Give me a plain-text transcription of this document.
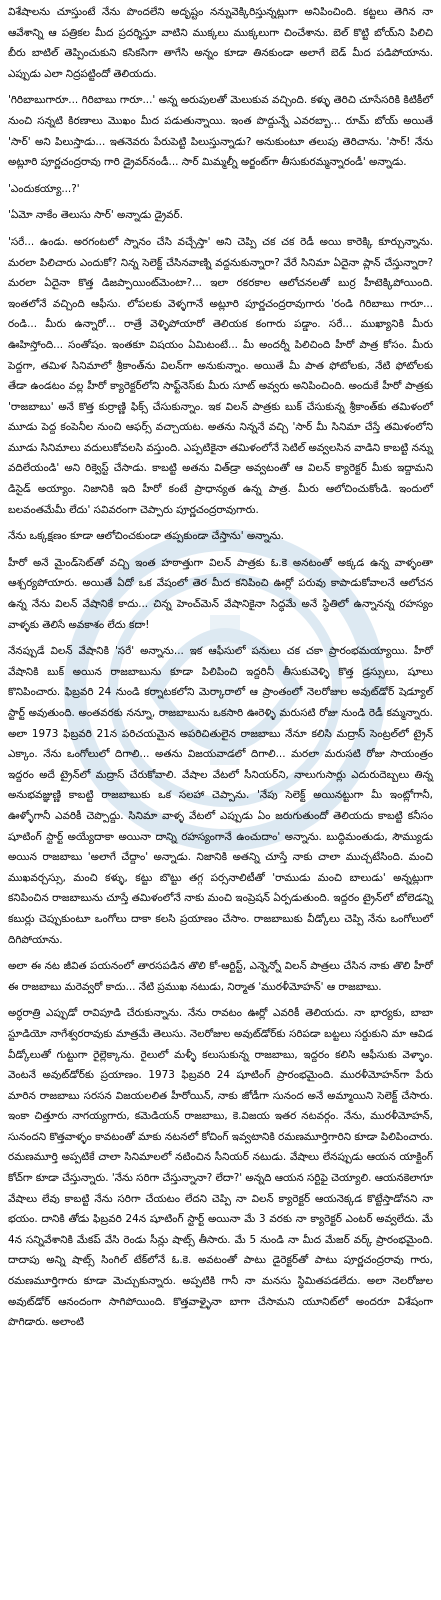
విశేషాలను చూస్తుంటే నేను పొందలేని అదృష్టం నన్నువెక్కిరిస్తున్నట్లుగా అనిపించింది. కట్టలు తెగిన నా ఆవేశాన్ని ఆ పత్రికల మీద ప్రదర్శిస్తూ వాటిని ముక్కలు ముక్కలుగా చించేశాను. బెల్ కొట్టి బోయ్‌ని పిలిచి బీరు బాటిల్ తెప్పించుకుని కసికసిగా తాగేసి అన్నం కూడా తినకుండా అలాగే బెడ్ మీద పడిపోయాను. ఎప్పుడు ఎలా నిద్రపట్టిందో తెలియదు.

'గిరిబాబుగారూ... గిరిబాబు గారూ...' అన్న అరుపులతో మెలుకువ వచ్చింది. కళ్ళు తెరిచి చూసేసరికి కిటికీలో నుంచి సన్నటి కిరణాలు మొఖం మీద పడుతున్నాయి. ఇంత పొద్దున్నే ఎవరబ్బా... రూమ్ బోయ్ అయితే 'సార్' అని పిలుస్తాడు... ఇతనెవరు పేరుపెట్టి పిలుస్తున్నాడు? అనుకుంటూ తలుపు తెరిచాను. 'సార్! నేను అట్లూరి పూర్ణచంద్రరావు గారి డ్రైవర్‌నండీ... సార్ మిమ్మల్నీ అర్జంట్‌గా తీసుకురమ్మన్నారండీ' అన్నాడు.

'ఎందుకయ్యా...?'

'ఏమో నాకేం తెలుసు సార్' అన్నాడు డ్రైవర్.

'సరే... ఉండు. అరగంటలో స్నానం చేసి వచ్చేస్తా' అని చెప్పి చక చక రెడీ అయి కారెక్కి కూర్చున్నాను. మరలా పిలిచారు ఎందుకో? నిన్న సెలెక్ట్ చేసినవాణ్ని వద్దనుకున్నారా? వేరే సినిమా ఏదైనా ప్లాన్ చేస్తున్నారా? మరలా ఏదైనా కొత్త డిజప్పాయింట్‌మెంటా?... ఇలా రకరకాల ఆలోచనలతో బుర్ర హీటెక్కిపోయింది. ఇంతలోనే వచ్చింది ఆఫీసు. లోపలకు వెళ్ళగానే అట్లూరి పూర్ణచంద్రరావుగారు 'రండి గిరిబాబు గారూ... రండి... మీరు ఉన్నారో... రాత్రే వెళ్ళిపోయారో తెలియక కంగారు పడ్డాం. సరే... ముఖ్యానికి మీరు ఊహిస్తోంది... సంతోషం. ఇంతకూ విషయం ఏమిటంటే... మీ అందర్నీ పిలిచింది హీరో పాత్ర కోసం. మీరు పెద్దగా, తమిళ సినిమాలో శ్రీకాంత్‌ను విలన్‌గా అనుకున్నాం. అయితే మీ పాత ఫోటోలకు, నేటి ఫోటోలకు తేడా ఉండటం వల్ల హీరో క్యారెక్టర్‌లోని సాఫ్ట్‌నెస్‌కు మీరు సూట్ అవ్వరు అనిపించింది. అందుకే హీరో పాత్రకు 'రాజబాబు' అనే కొత్త కుర్రాణ్ణి ఫిక్స్ చేసుకున్నాం. ఇక విలన్ పాత్రకు బుక్ చేసుకున్న శ్రీకాంత్‌కు తమిళంలో మూడు పెద్ద కంపెనీల నుంచి ఆఫర్స్ వచ్చాయట. అతను నిన్ననే వచ్చి 'సార్ మీ సినిమా చేస్తే తమిళంలోని మూడు సినిమాలు వదులుకోవలసి వస్తుంది. ఎప్పటికైనా తమిళంలోనే సెటిల్ అవ్వలసిన వాడిని కాబట్టి నన్ను వదిలేయండి' అని రిక్వెస్ట్ చేసాడు. కాబట్టి అతను విత్‌డ్రా అవ్వటంతో ఆ విలన్ క్యారెక్టర్ మీకు ఇద్దామని డిసైడ్ అయ్యాం. నిజానికి ఇది హీరో కంటే ప్రాధాన్యత ఉన్న పాత్ర. మీరు ఆలోచించుకోండి. ఇందులో బలవంతమేమీ లేదు' సవివరంగా చెప్పారు పూర్ణచంద్రరావుగారు.

నేను ఒక్కక్షణం కూడా ఆలోచించకుండా తప్పకుండా చేస్తాను' అన్నాను.

హీరో అనే మైండ్‌సెట్‌తో వచ్చి ఇంత హఠాత్తుగా విలన్ పాత్రకు ఓ.కె అనటంతో అక్కడ ఉన్న వాళ్ళంతా ఆశ్చర్యపోయారు. అయితే ఏదో ఒక వేషంలో తెర మీద కనిపించి ఊర్లో పరువు కాపాడుకోవాలనే ఆలోచన ఉన్న నేను విలన్ వేషానికే కాదు... చిన్న హెంచ్‌మెన్ వేషానికైనా సిద్ధమే అనే స్థితిలో ఉన్నానన్న రహస్యం వాళ్ళకు తెలిసే అవకాశం లేదు కదా!

నేనప్పుడే విలన్ వేషానికి 'సరే' అన్నాను... ఇక ఆఫీసులో పనులు చక చకా ప్రారంభమయ్యాయి. హీరో వేషానికి బుక్ అయిన రాజబాబును కూడా పిలిపించి ఇద్దరినీ తీసుకువెళ్ళి కొత్త డ్రస్సులు, షూలు కొనిపించారు. ఫిబ్రవరి 24 నుండి కర్నాటకలోని మెర్కారాలో ఆ ప్రాంతంలో నెలరోజుల అవుట్‌డోర్ షెడ్యూల్ స్టార్ట్ అవుతుంది. అంతవరకు నన్నూ, రాజబాబును ఒకసారి ఊరెళ్ళి మరుసటి రోజు నుండి రెడీ కమ్మన్నారు. అలా 1973 ఫిబ్రవరి 21న పరిచయమైన అపరిచితులైన రాజబాబు నేనూ కలిసి మద్రాస్ సెంట్రల్‌లో ట్రైన్ ఎక్కాం. నేను ఒంగోలులో దిగాలి... అతను విజయవాడలో దిగాలి... మరలా మరుసటి రోజు సాయంత్రం ఇద్దరం అదే ట్రైన్‌లో మద్రాస్ చేరుకోవాలి. వేషాల వేటలో సీనియర్‌ని, నాలుగుసార్లు ఎదురుదెబ్బలు తిన్న అనుభవజ్ఞుణ్ణి కాబట్టి రాజబాబుకు ఒక సలహా చెప్పాను. 'నేపు సెలెక్ట్ అయినట్టుగా మీ ఇంట్లోగానీ, ఊళ్ళోగానీ ఎవరికీ చెప్పొద్దు. సినిమా వాళ్ళ వేటలో ఎప్పుడు ఏం జరుగుతుందో తెలియదు కాబట్టి కనీసం షూటింగ్ స్టార్ట్ అయ్యేదాకా అయినా దాన్ని రహస్యంగానే ఉంచుదాం' అన్నాను. బుద్ధిమంతుడు, సౌమ్యుడు అయిన రాజబాబు 'అలాగే చేద్దాం' అన్నాడు. నిజానికి అతన్ని చూస్తే నాకు చాలా ముచ్చటేసింది. మంచి ముఖవర్చస్సు, మంచి కళ్ళు, కట్టు బొట్టు తగ్గ పర్సనాలిటీతో 'రాముడు మంచి బాలుడు' అన్నట్లుగా కనిపించిన రాజబాబును చూస్తే తమిళంలోనే నాకు మంచి ఇంప్రెషన్ ఏర్పడుతుంది. ఇద్దరం ట్రైన్‌లో బోలెడన్ని కబుర్లు చెప్పుకుంటూ ఒంగోలు దాకా కలసి ప్రయాణం చేసాం. రాజబాబుకు వీడ్కోలు చెప్పి నేను ఒంగోలులో దిగిపోయాను.

అలా ఈ నట జీవిత పయనంలో తారసపడిన తొలి కో-ఆర్టిస్ట్, ఎన్నెన్నో విలన్ పాత్రలు చేసిన నాకు తొలి హీరో ఈ రాజబాబు మరెవ్వరో కాదు... నేటి ప్రముఖ నటుడు, నిర్మాత 'మురళీమోహన్' ఆ రాజబాబు.

అర్ధరాత్రి ఎప్పుడో రావిపూడి చేరుకున్నాను. నేను రావటం ఊర్లో ఎవరికీ తెలియదు. నా భార్యకు, బాబా స్టూడియో నాగేశ్వరరావుకు మాత్రమే తెలుసు. నెలరోజుల అవుట్‌డోర్‌కు సరిపడా బట్టలు సర్దుకుని మా ఆవిడ వీడ్కోలుతో గుట్టుగా రైల్లెక్కాను. రైలులో మళ్ళీ కలుసుకున్న రాజబాబు, ఇద్దరం కలిసి ఆఫీసుకు వెళ్ళాం. వెంటనే అవుట్‌డోర్‌కు ప్రయాణం. 1973 ఫిబ్రవరి 24 షూటింగ్ ప్రారంభమైంది. మురళీమోహన్‌గా పేరు మారిన రాజబాబు సరసన విజయలలిత హీరోయిన్, నాకు జోడీగా సునంద అనే అమ్మాయిని సెలెక్ట్ చేసారు. ఇంకా చిత్తూరు నాగయ్యగారు, కమెడియన్ రాజబాబు, కె.విజయ ఇతర నటవర్గం. నేను, మురళీమోహన్, సునందని కొత్తవాళ్ళం కావటంతో మాకు నటనలో కోచింగ్ ఇవ్వటానికి రమణమూర్తిగారిని కూడా పిలిపించారు. రమణమూర్తి అప్పటికే చాలా సినిమాలలో నటించిన సీనియర్ నటుడు. వేషాలు లేనప్పుడు ఆయన యాక్టింగ్ కోచ్‌గా కూడా చేస్తున్నారు. 'నేను సరిగా చేస్తున్నానా? లేదా?' అన్నది ఆయన సర్టిఫై చెయ్యాలి. ఆయనకెలాగూ వేషాలు లేవు కాబట్టి నేను సరిగా చేయటం లేదని చెప్పి నా విలన్ క్యారెక్టర్ ఆయనెక్కడ కొట్టేస్తాడోనని నా భయం. దానికి తోడు ఫిబ్రవరి 24న షూటింగ్ స్టార్ట్ అయినా మే 3 వరకు నా క్యారెక్టర్ ఎంటర్ అవ్వలేదు. మే 4న సన్నివేశానికి మేకప్ వేసి రెండు సీన్లు షాట్స్ తీసారు. మే 5 నుండి నా మీద మేజర్ వర్క్ ప్రారంభమైంది. దాదాపు అన్ని షాట్స్ సింగిల్ టేక్‌లోనే ఓ.కె. అవటంతో పాటు డైరెక్టర్‌తో పాటు పూర్ణచంద్రరావు గారు, రమణమూర్తిగారు కూడా మెచ్చుకున్నారు. అప్పటికి గానీ నా మనసు స్థిమితపడలేదు. అలా నెలరోజుల అవుట్‌డోర్ ఆనందంగా సాగిపోయింది. కొత్తవాళ్ళైనా బాగా చేసామని యూనిట్‌లో అందరూ విశేషంగా పొగిడారు. అలాంటి
